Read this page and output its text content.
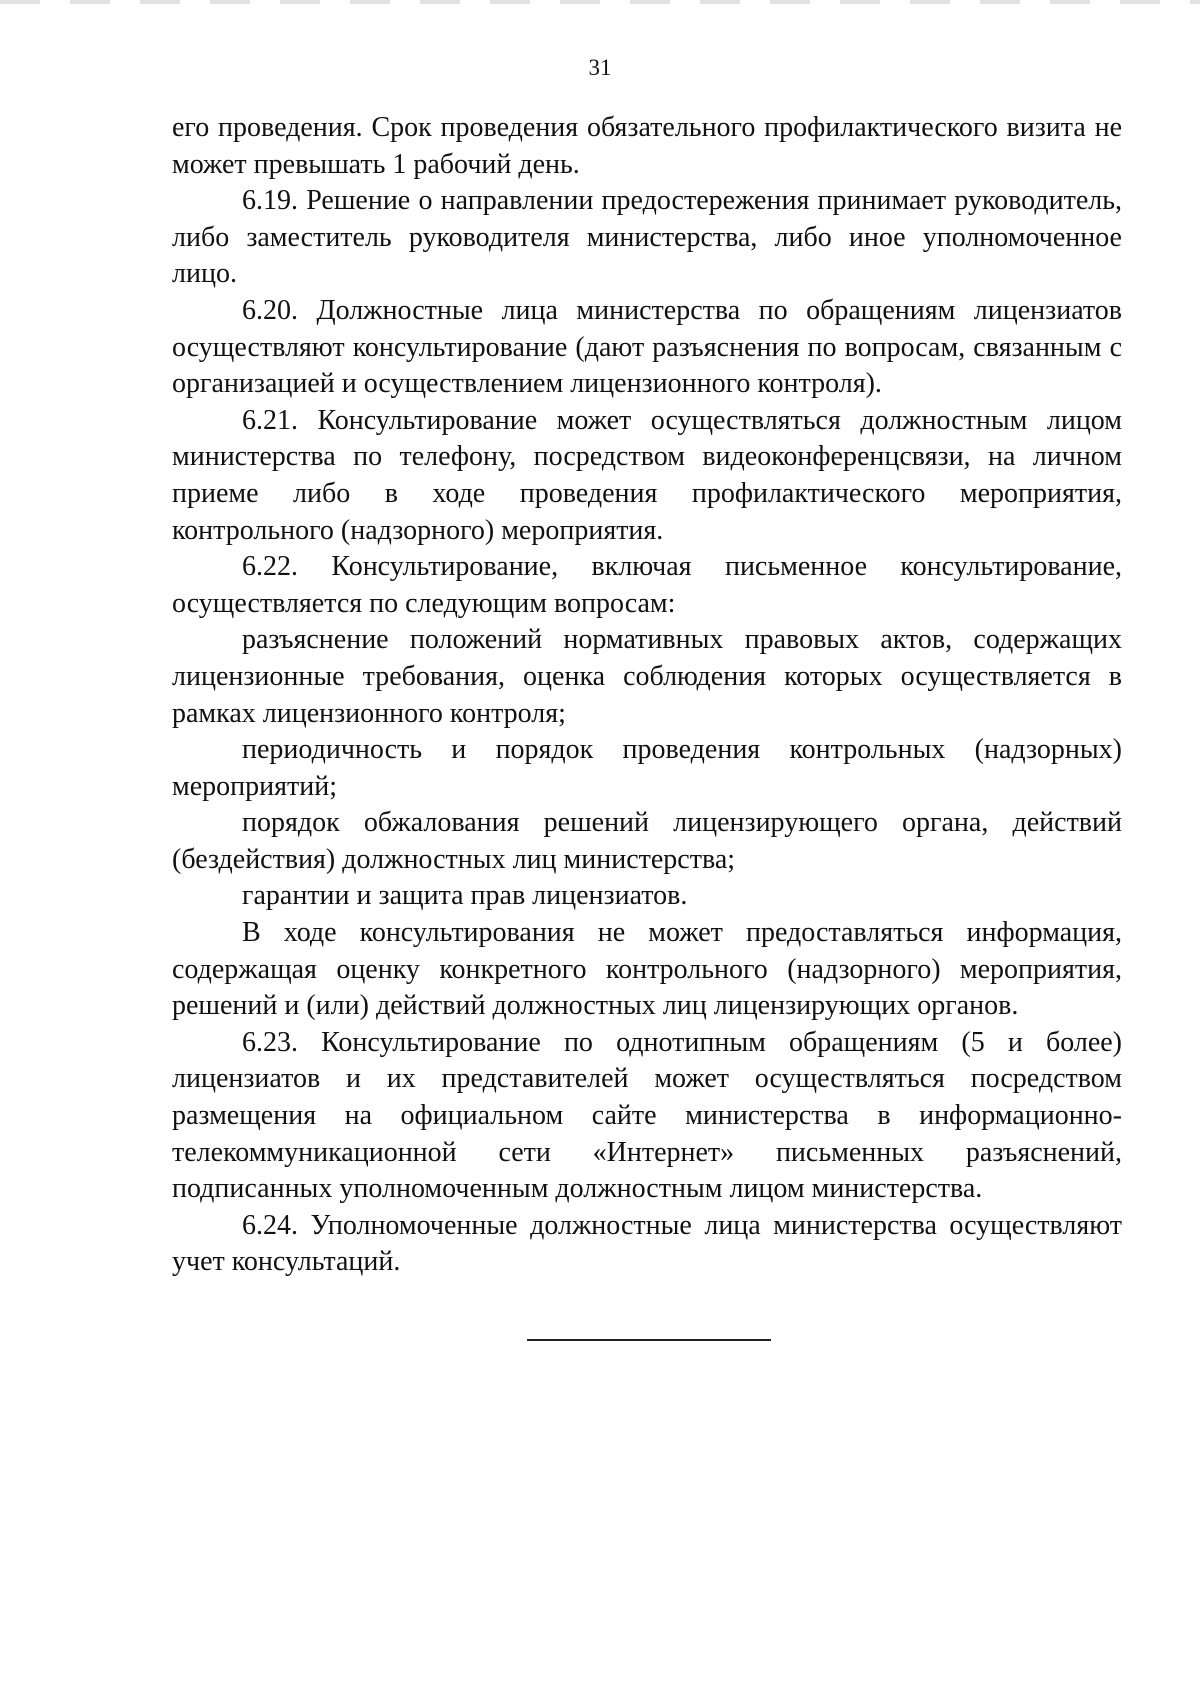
31

его проведения. Срок проведения обязательного профилактического визита не может превышать 1 рабочий день.

6.19. Решение о направлении предостережения принимает руководитель, либо заместитель руководителя министерства, либо иное уполномоченное лицо.

6.20. Должностные лица министерства по обращениям лицензиатов осуществляют консультирование (дают разъяснения по вопросам, связанным с организацией и осуществлением лицензионного контроля).

6.21. Консультирование может осуществляться должностным лицом министерства по телефону, посредством видеоконференцсвязи, на личном приеме либо в ходе проведения профилактического мероприятия, контрольного (надзорного) мероприятия.

6.22. Консультирование, включая письменное консультирование, осуществляется по следующим вопросам:

разъяснение положений нормативных правовых актов, содержащих лицензионные требования, оценка соблюдения которых осуществляется в рамках лицензионного контроля;

периодичность и порядок проведения контрольных (надзорных) мероприятий;

порядок обжалования решений лицензирующего органа, действий (бездействия) должностных лиц министерства;

гарантии и защита прав лицензиатов.

В ходе консультирования не может предоставляться информация, содержащая оценку конкретного контрольного (надзорного) мероприятия, решений и (или) действий должностных лиц лицензирующих органов.

6.23. Консультирование по однотипным обращениям (5 и более) лицензиатов и их представителей может осуществляться посредством размещения на официальном сайте министерства в информационно-телекоммуникационной сети «Интернет» письменных разъяснений, подписанных уполномоченным должностным лицом министерства.

6.24. Уполномоченные должностные лица министерства осуществляют учет консультаций.
